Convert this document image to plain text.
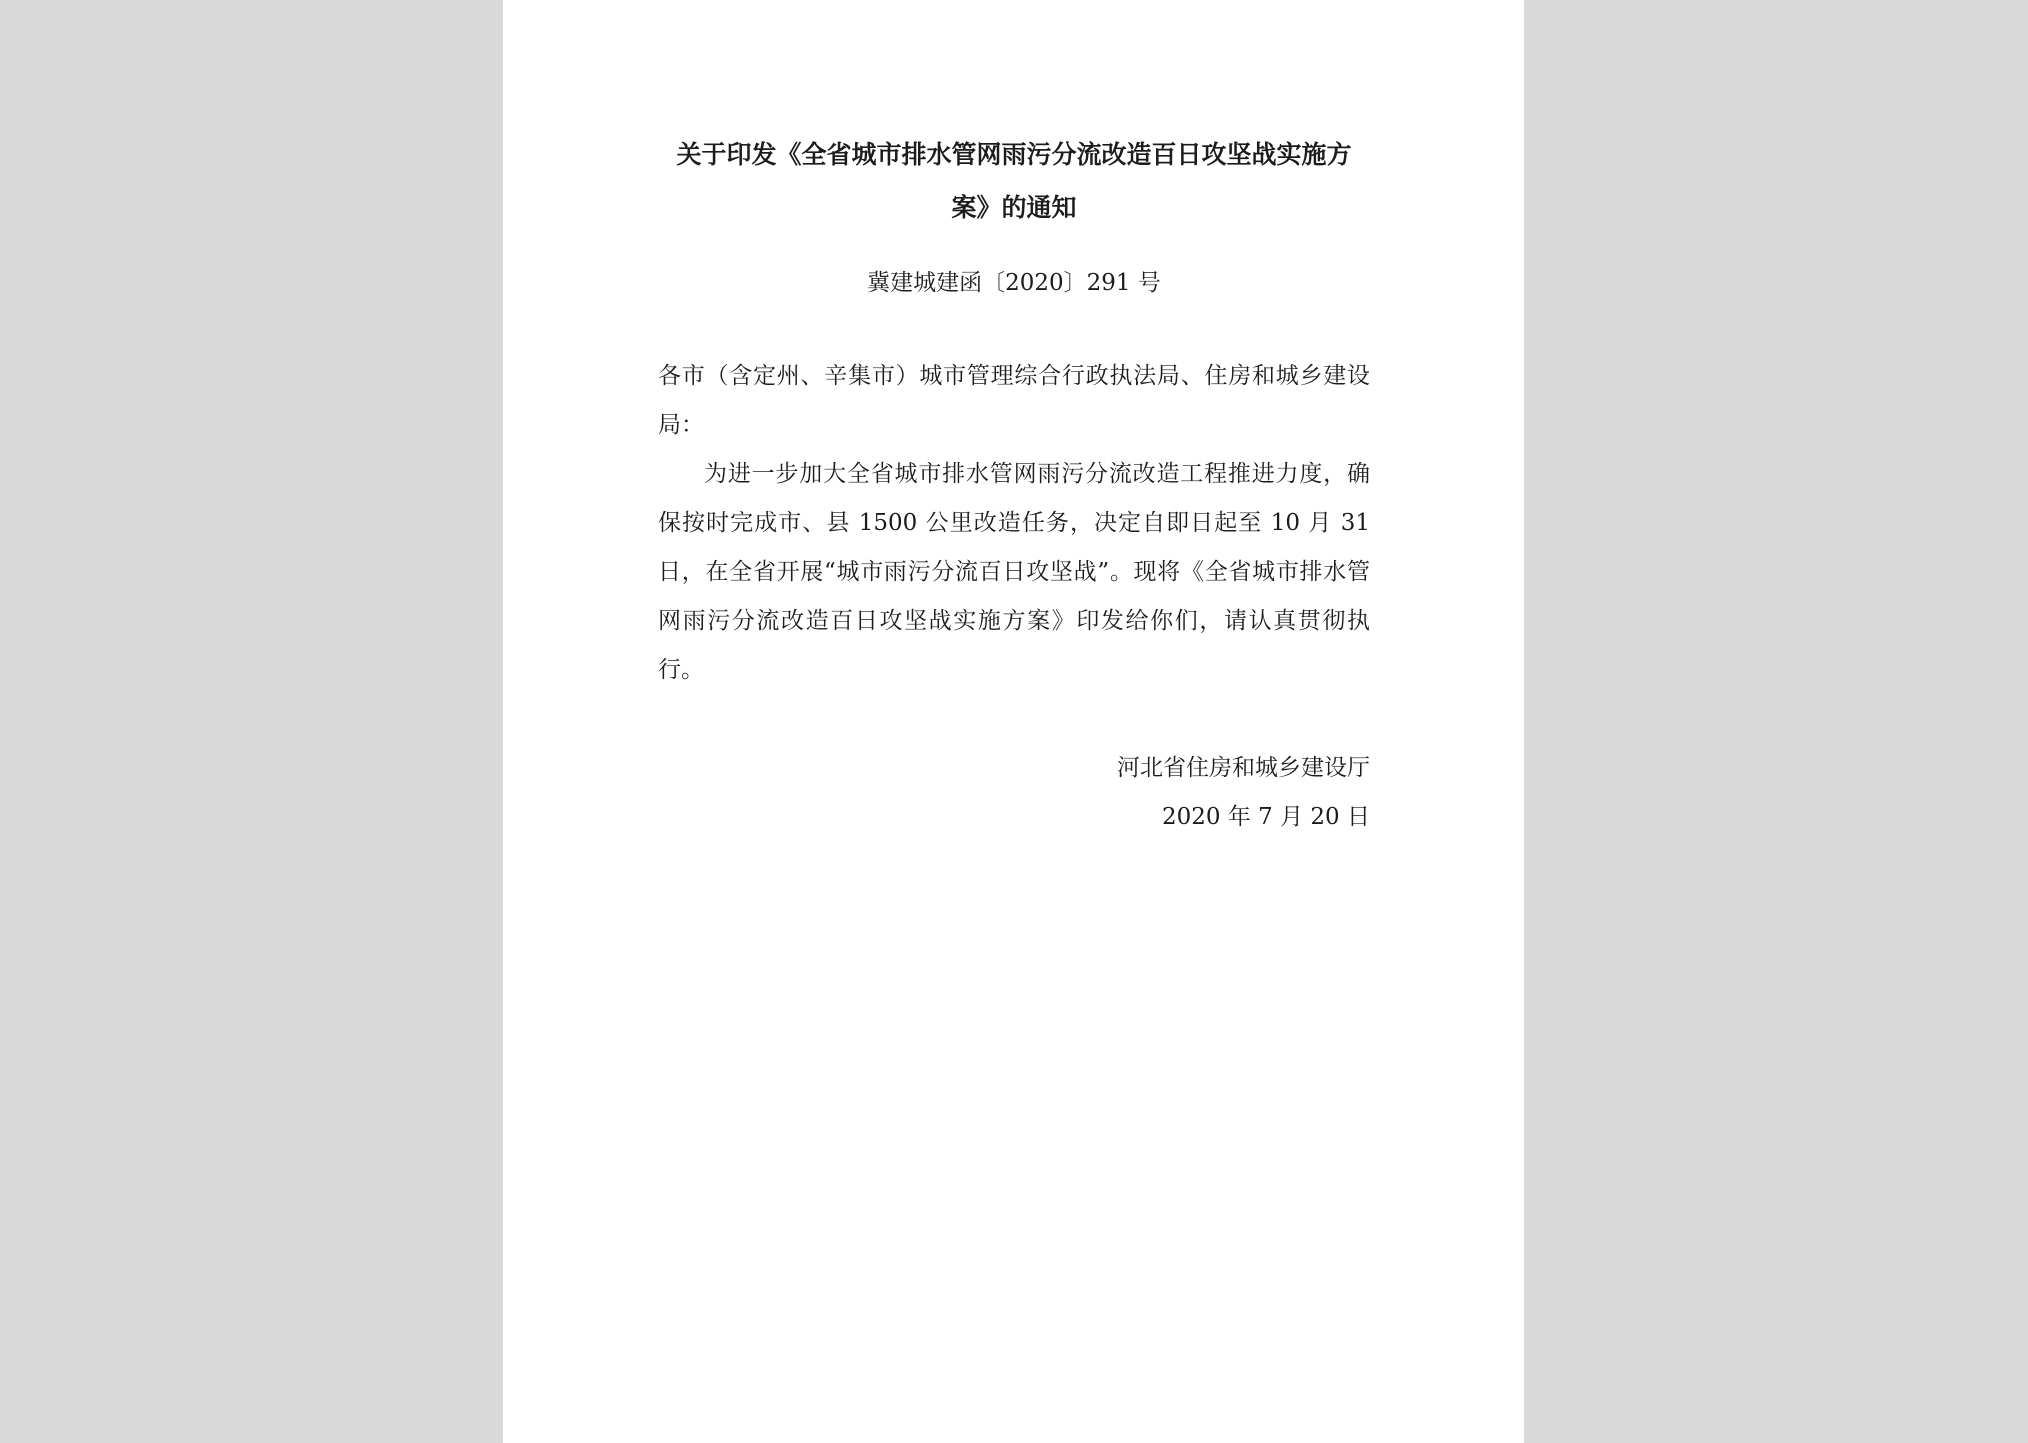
关于印发《全省城市排水管网雨污分流改造百日攻坚战实施方案》的通知
冀建城建函〔2020〕291 号
各市（含定州、辛集市）城市管理综合行政执法局、住房和城乡建设局：

为进一步加大全省城市排水管网雨污分流改造工程推进力度，确保按时完成市、县 1500 公里改造任务，决定自即日起至 10 月 31 日，在全省开展“城市雨污分流百日攻坚战”。现将《全省城市排水管网雨污分流改造百日攻坚战实施方案》印发给你们，请认真贯彻执行。

河北省住房和城乡建设厅
2020 年 7 月 20 日
